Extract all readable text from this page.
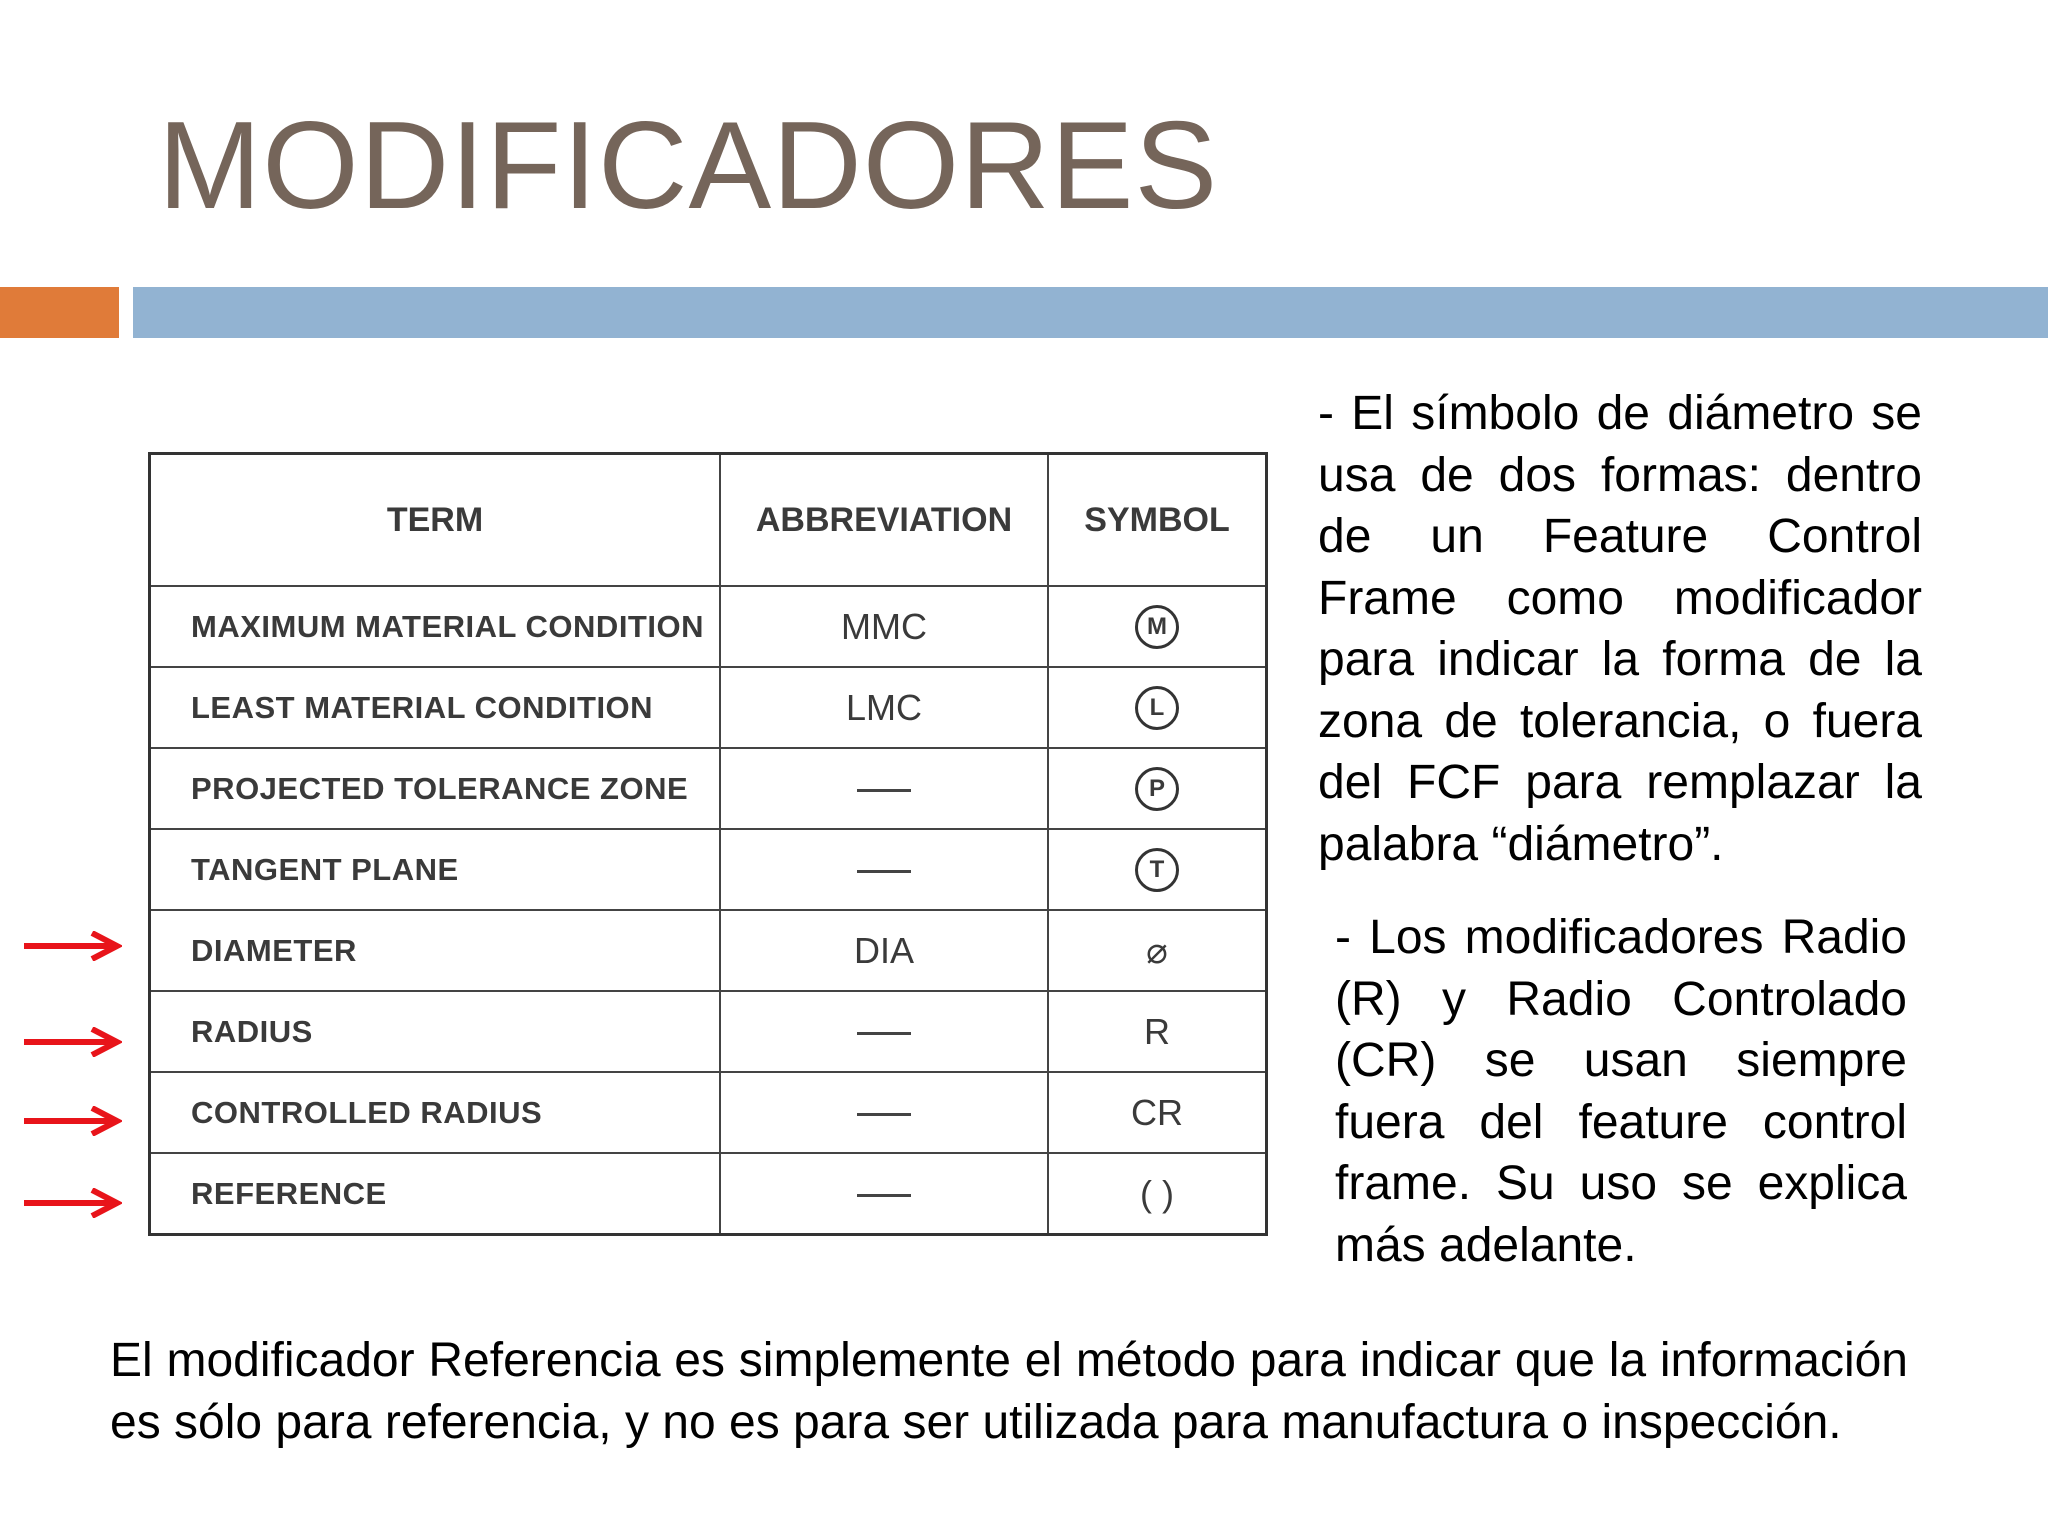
MODIFICADORES
TERM	ABBREVIATION	SYMBOL
MAXIMUM MATERIAL CONDITION	MMC	M
LEAST MATERIAL CONDITION	LMC	L
PROJECTED TOLERANCE ZONE		P
TANGENT PLANE		T
DIAMETER	DIA	⌀
RADIUS		R
CONTROLLED RADIUS		CR
REFERENCE		( )
- El símbolo de diámetro se usa de dos formas: dentro de un Feature Control Frame como modificador para indicar la forma de la zona de tolerancia, o fuera del FCF para remplazar la palabra “diámetro”.
- Los modificadores Radio (R) y Radio Controlado (CR) se usan siempre fuera del feature control frame. Su uso se explica más adelante.
El modificador Referencia es simplemente el método para indicar que la información es sólo para referencia, y no es para ser utilizada para manufactura o inspección.
